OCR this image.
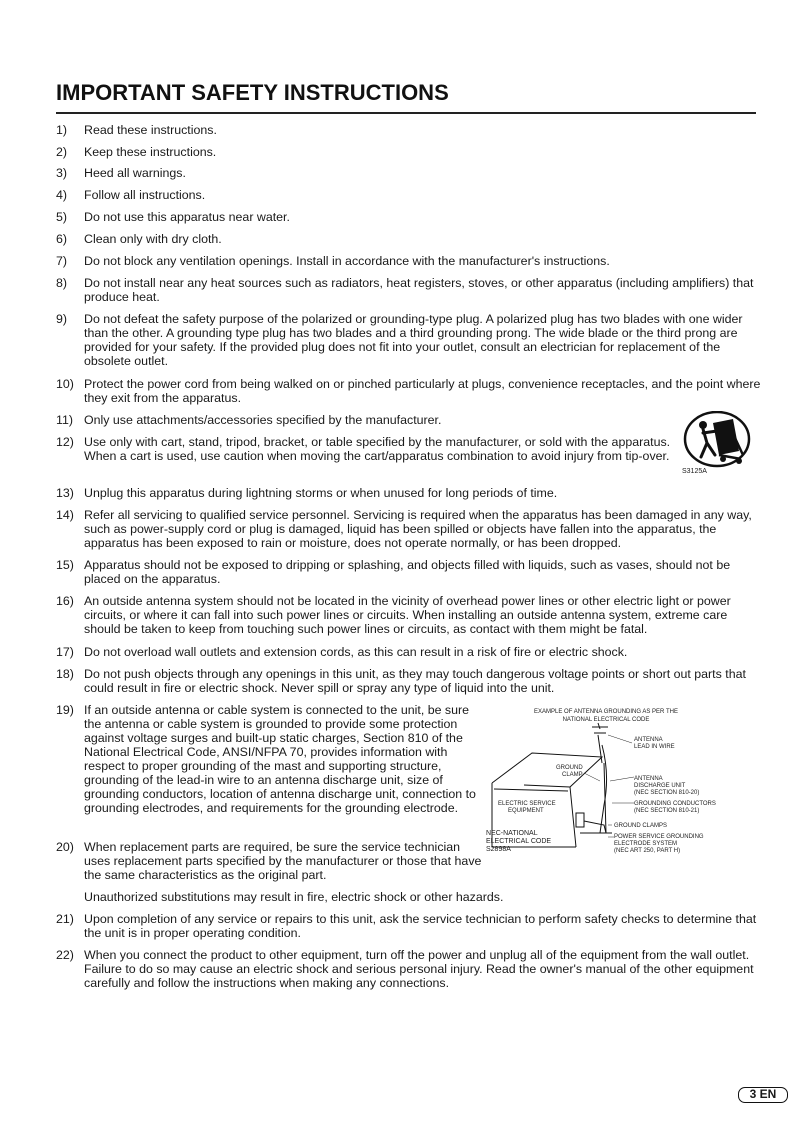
IMPORTANT SAFETY INSTRUCTIONS
1)	Read these instructions.
2)	Keep these instructions.
3)	Heed all warnings.
4)	Follow all instructions.
5)	Do not use this apparatus near water.
6)	Clean only with dry cloth.
7)	Do not block any ventilation openings. Install in accordance with the manufacturer's instructions.
8)	Do not install near any heat sources such as radiators, heat registers, stoves, or other apparatus (including amplifiers) that produce heat.
9)	Do not defeat the safety purpose of the polarized or grounding-type plug. A polarized plug has two blades with one wider than the other. A grounding type plug has two blades and a third grounding prong. The wide blade or the third prong are provided for your safety. If the provided plug does not fit into your outlet, consult an electrician for replacement of the obsolete outlet.
10) Protect the power cord from being walked on or pinched particularly at plugs, convenience receptacles, and the point where they exit from the apparatus.
11) Only use attachments/accessories specified by the manufacturer.
12) Use only with cart, stand, tripod, bracket, or table specified by the manufacturer, or sold with the apparatus. When a cart is used, use caution when moving the cart/apparatus combination to avoid injury from tip-over.
S3125A
13) Unplug this apparatus during lightning storms or when unused for long periods of time.
14) Refer all servicing to qualified service personnel. Servicing is required when the apparatus has been damaged in any way, such as power-supply cord or plug is damaged, liquid has been spilled or objects have fallen into the apparatus, the apparatus has been exposed to rain or moisture, does not operate normally, or has been dropped.
15) Apparatus should not be exposed to dripping or splashing, and objects filled with liquids, such as vases, should not be placed on the apparatus.
16) An outside antenna system should not be located in the vicinity of overhead power lines or other electric light or power circuits, or where it can fall into such power lines or circuits. When installing an outside antenna system, extreme care should be taken to keep from touching such power lines or circuits, as contact with them might be fatal.
17) Do not overload wall outlets and extension cords, as this can result in a risk of fire or electric shock.
18) Do not push objects through any openings in this unit, as they may touch dangerous voltage points or short out parts that could result in fire or electric shock. Never spill or spray any type of liquid into the unit.
19) If an outside antenna or cable system is connected to the unit, be sure the antenna or cable system is grounded to provide some protection against voltage surges and built-up static charges, Section 810 of the National Electrical Code, ANSI/NFPA 70, provides information with respect to proper grounding of the mast and supporting structure, grounding of the lead-in wire to an antenna discharge unit, size of grounding conductors, location of antenna discharge unit, connection to grounding electrodes, and requirements for the grounding electrode.
20) When replacement parts are required, be sure the service technician uses replacement parts specified by the manufacturer or those that have the same characteristics as the original part.
Unauthorized substitutions may result in fire, electric shock or other hazards.
21) Upon completion of any service or repairs to this unit, ask the service technician to perform safety checks to determine that the unit is in proper operating condition.
22) When you connect the product to other equipment, turn off the power and unplug all of the equipment from the wall outlet. Failure to do so may cause an electric shock and serious personal injury. Read the owner's manual of the other equipment carefully and follow the instructions when making any connections.
EXAMPLE OF ANTENNA GROUNDING AS PER THE
NATIONAL ELECTRICAL CODE
ANTENNA
LEAD IN WIRE
GROUND
CLAMP
ANTENNA
DISCHARGE UNIT
(NEC SECTION 810-20)
GROUNDING CONDUCTORS
(NEC SECTION 810-21)
ELECTRIC SERVICE
EQUIPMENT
GROUND CLAMPS
POWER SERVICE GROUNDING
ELECTRODE SYSTEM
(NEC ART 250, PART H)
NEC-NATIONAL
ELECTRICAL CODE
S2898A
3 EN
